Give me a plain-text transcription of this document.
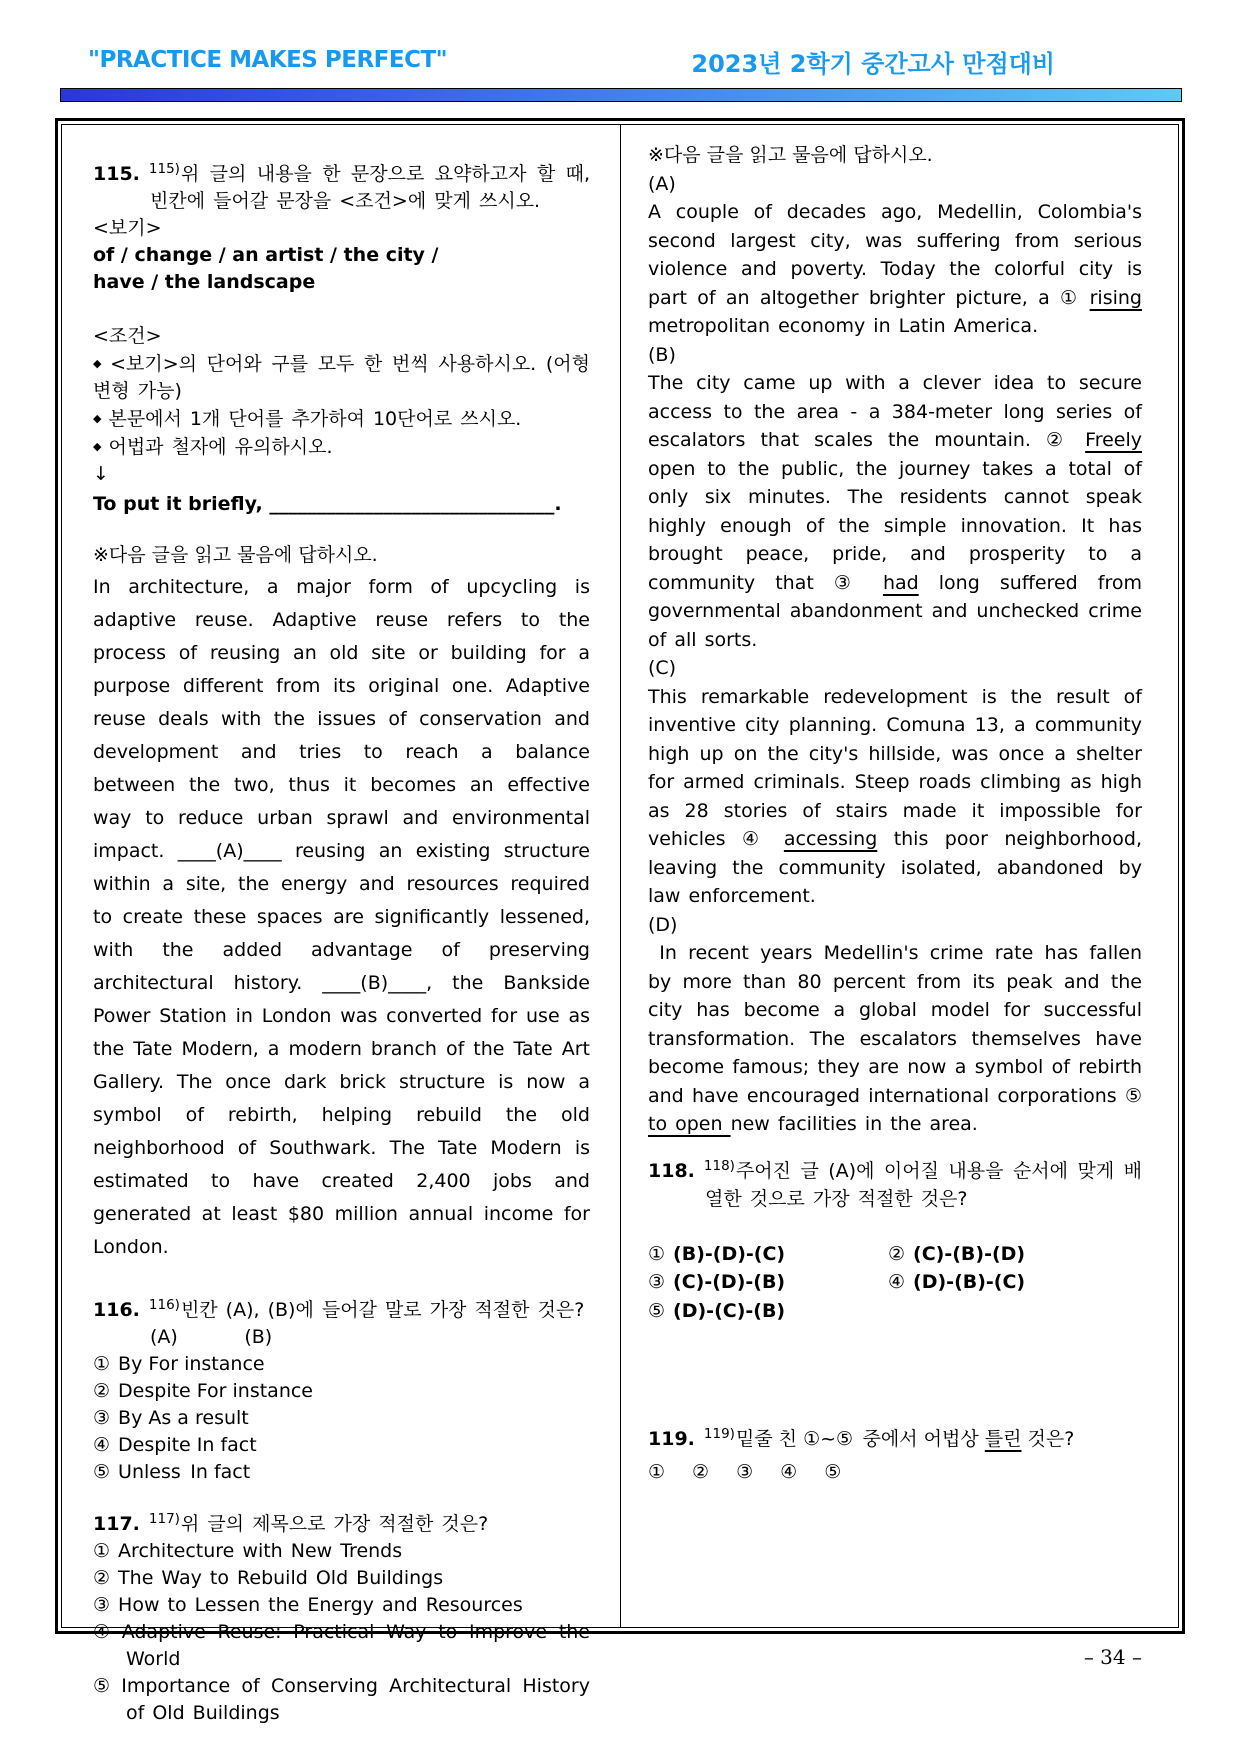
"PRACTICE MAKES PERFECT"	2023년 2학기 중간고사 만점대비
115. $^{115)}$위 글의 내용을 한 문장으로 요약하고자 할 때, 빈칸에 들어갈 문장을 <조건>에 맞게 쓰시오.
<보기>
of / change / an artist / the city /
have / the landscape
<조건>
◆ <보기>의 단어와 구를 모두 한 번씩 사용하시오. (어형 변형 가능)
◆ 본문에서 1개 단어를 추가하여 10단어로 쓰시오.
◆ 어법과 철자에 유의하시오.
↓
To put it briefly, ______________________________.
※다음 글을 읽고 물음에 답하시오.
In architecture, a major form of upcycling is adaptive reuse. Adaptive reuse refers to the process of reusing an old site or building for a purpose different from its original one. Adaptive reuse deals with the issues of conservation and development and tries to reach a balance between the two, thus it becomes an effective way to reduce urban sprawl and environmental impact. ____(A)____ reusing an existing structure within a site, the energy and resources required to create these spaces are significantly lessened, with the added advantage of preserving architectural history. ____(B)____, the Bankside Power Station in London was converted for use as the Tate Modern, a modern branch of the Tate Art Gallery. The once dark brick structure is now a symbol of rebirth, helping rebuild the old neighborhood of Southwark. The Tate Modern is estimated to have created 2,400 jobs and generated at least $80 million annual income for London.
116. $^{116)}$빈칸 (A), (B)에 들어갈 말로 가장 적절한 것은?
(A)    (B)
① By For instance
② Despite For instance
③ By As a result
④ Despite In fact
⑤ Unless In fact
117. $^{117)}$위 글의 제목으로 가장 적절한 것은?
① Architecture with New Trends
② The Way to Rebuild Old Buildings
③ How to Lessen the Energy and Resources
④ Adaptive Reuse: Practical Way to Improve the World
⑤ Importance of Conserving Architectural History of Old Buildings
※다음 글을 읽고 물음에 답하시오.
(A)
A couple of decades ago, Medellin, Colombia's second largest city, was suffering from serious violence and poverty. Today the colorful city is part of an altogether brighter picture, a ① rising metropolitan economy in Latin America.
(B)
The city came up with a clever idea to secure access to the area - a 384-meter long series of escalators that scales the mountain. ② Freely open to the public, the journey takes a total of only six minutes. The residents cannot speak highly enough of the simple innovation. It has brought peace, pride, and prosperity to a community that ③ had long suffered from governmental abandonment and unchecked crime of all sorts.
(C)
This remarkable redevelopment is the result of inventive city planning. Comuna 13, a community high up on the city's hillside, was once a shelter for armed criminals. Steep roads climbing as high as 28 stories of stairs made it impossible for vehicles ④ accessing this poor neighborhood, leaving the community isolated, abandoned by law enforcement.
(D)
In recent years Medellin's crime rate has fallen by more than 80 percent from its peak and the city has become a global model for successful transformation. The escalators themselves have become famous; they are now a symbol of rebirth and have encouraged international corporations ⑤ to open new facilities in the area.
118. $^{118)}$주어진 글 (A)에 이어질 내용을 순서에 맞게 배열한 것으로 가장 적절한 것은?
① (B)-(D)-(C)	② (C)-(B)-(D)
③ (C)-(D)-(B)	④ (D)-(B)-(C)
⑤ (D)-(C)-(B)
119. $^{119)}$밑줄 친 ①~⑤ 중에서 어법상 틀린 것은?
① ② ③ ④ ⑤
– 34 –
